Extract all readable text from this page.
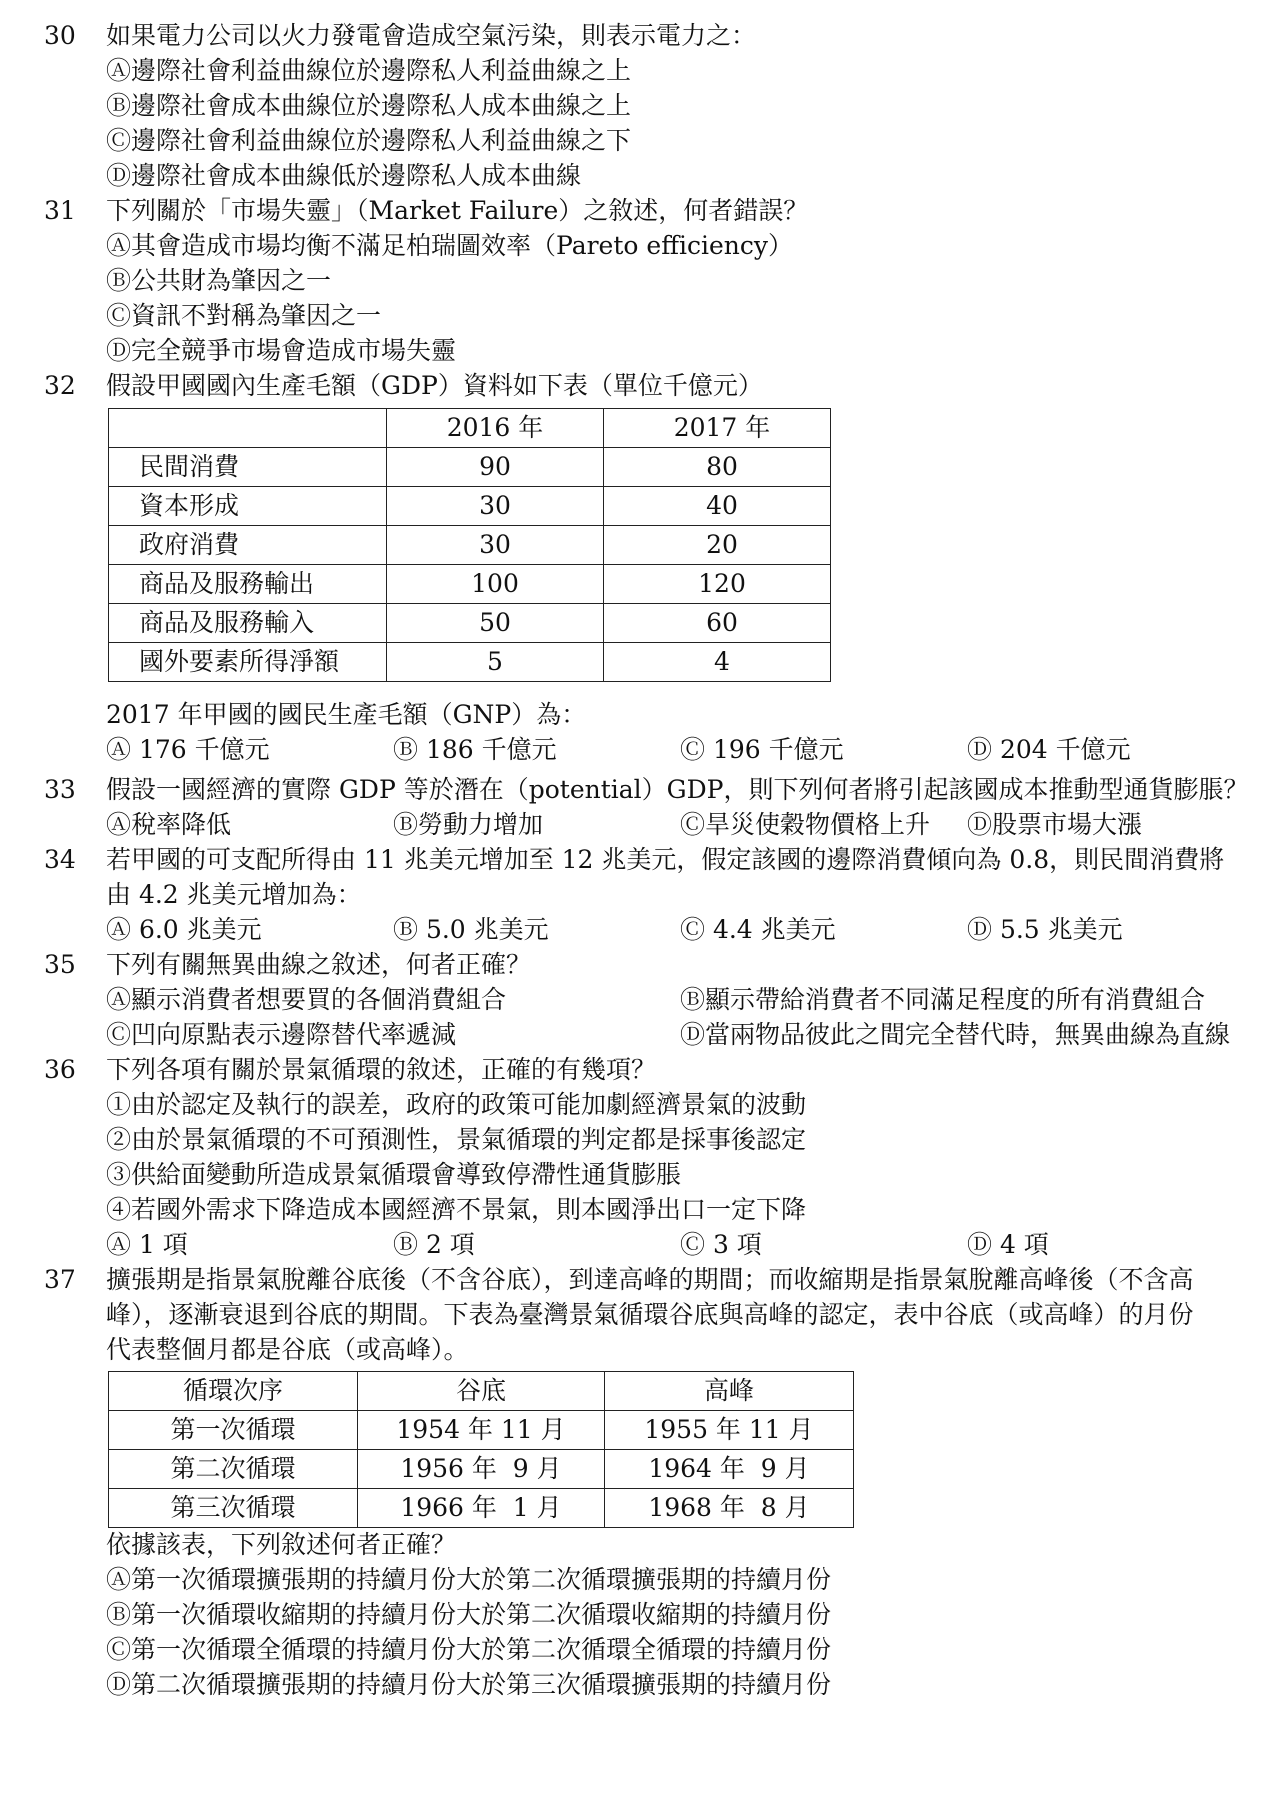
30	如果電力公司以火力發電會造成空氣污染，則表示電力之：
Ⓐ邊際社會利益曲線位於邊際私人利益曲線之上
Ⓑ邊際社會成本曲線位於邊際私人成本曲線之上
Ⓒ邊際社會利益曲線位於邊際私人利益曲線之下
Ⓓ邊際社會成本曲線低於邊際私人成本曲線
31	下列關於「市場失靈」（Market Failure）之敘述，何者錯誤？
Ⓐ其會造成市場均衡不滿足柏瑞圖效率（Pareto efficiency）
Ⓑ公共財為肇因之一
Ⓒ資訊不對稱為肇因之一
Ⓓ完全競爭市場會造成市場失靈
32	假設甲國國內生產毛額（GDP）資料如下表（單位千億元）
	2016 年	2017 年
民間消費	90	80
資本形成	30	40
政府消費	30	20
商品及服務輸出	100	120
商品及服務輸入	50	60
國外要素所得淨額	5	4
2017 年甲國的國民生產毛額（GNP）為：
Ⓐ 176 千億元	Ⓑ 186 千億元	Ⓒ 196 千億元	Ⓓ 204 千億元
33	假設一國經濟的實際 GDP 等於潛在（potential）GDP，則下列何者將引起該國成本推動型通貨膨脹？
Ⓐ稅率降低	Ⓑ勞動力增加	Ⓒ旱災使穀物價格上升	Ⓓ股票市場大漲
34	若甲國的可支配所得由 11 兆美元增加至 12 兆美元，假定該國的邊際消費傾向為 0.8，則民間消費將
由 4.2 兆美元增加為：
Ⓐ 6.0 兆美元	Ⓑ 5.0 兆美元	Ⓒ 4.4 兆美元	Ⓓ 5.5 兆美元
35	下列有關無異曲線之敘述，何者正確？
Ⓐ顯示消費者想要買的各個消費組合	Ⓑ顯示帶給消費者不同滿足程度的所有消費組合
Ⓒ凹向原點表示邊際替代率遞減	Ⓓ當兩物品彼此之間完全替代時，無異曲線為直線
36	下列各項有關於景氣循環的敘述，正確的有幾項？
①由於認定及執行的誤差，政府的政策可能加劇經濟景氣的波動
②由於景氣循環的不可預測性，景氣循環的判定都是採事後認定
③供給面變動所造成景氣循環會導致停滯性通貨膨脹
④若國外需求下降造成本國經濟不景氣，則本國淨出口一定下降
Ⓐ 1 項	Ⓑ 2 項	Ⓒ 3 項	Ⓓ 4 項
37	擴張期是指景氣脫離谷底後（不含谷底），到達高峰的期間；而收縮期是指景氣脫離高峰後（不含高
峰），逐漸衰退到谷底的期間。下表為臺灣景氣循環谷底與高峰的認定，表中谷底（或高峰）的月份
代表整個月都是谷底（或高峰）。
循環次序	谷底	高峰
第一次循環	1954 年 11 月	1955 年 11 月
第二次循環	1956 年  9 月	1964 年  9 月
第三次循環	1966 年  1 月	1968 年  8 月
依據該表，下列敘述何者正確？
Ⓐ第一次循環擴張期的持續月份大於第二次循環擴張期的持續月份
Ⓑ第一次循環收縮期的持續月份大於第二次循環收縮期的持續月份
Ⓒ第一次循環全循環的持續月份大於第二次循環全循環的持續月份
Ⓓ第二次循環擴張期的持續月份大於第三次循環擴張期的持續月份
